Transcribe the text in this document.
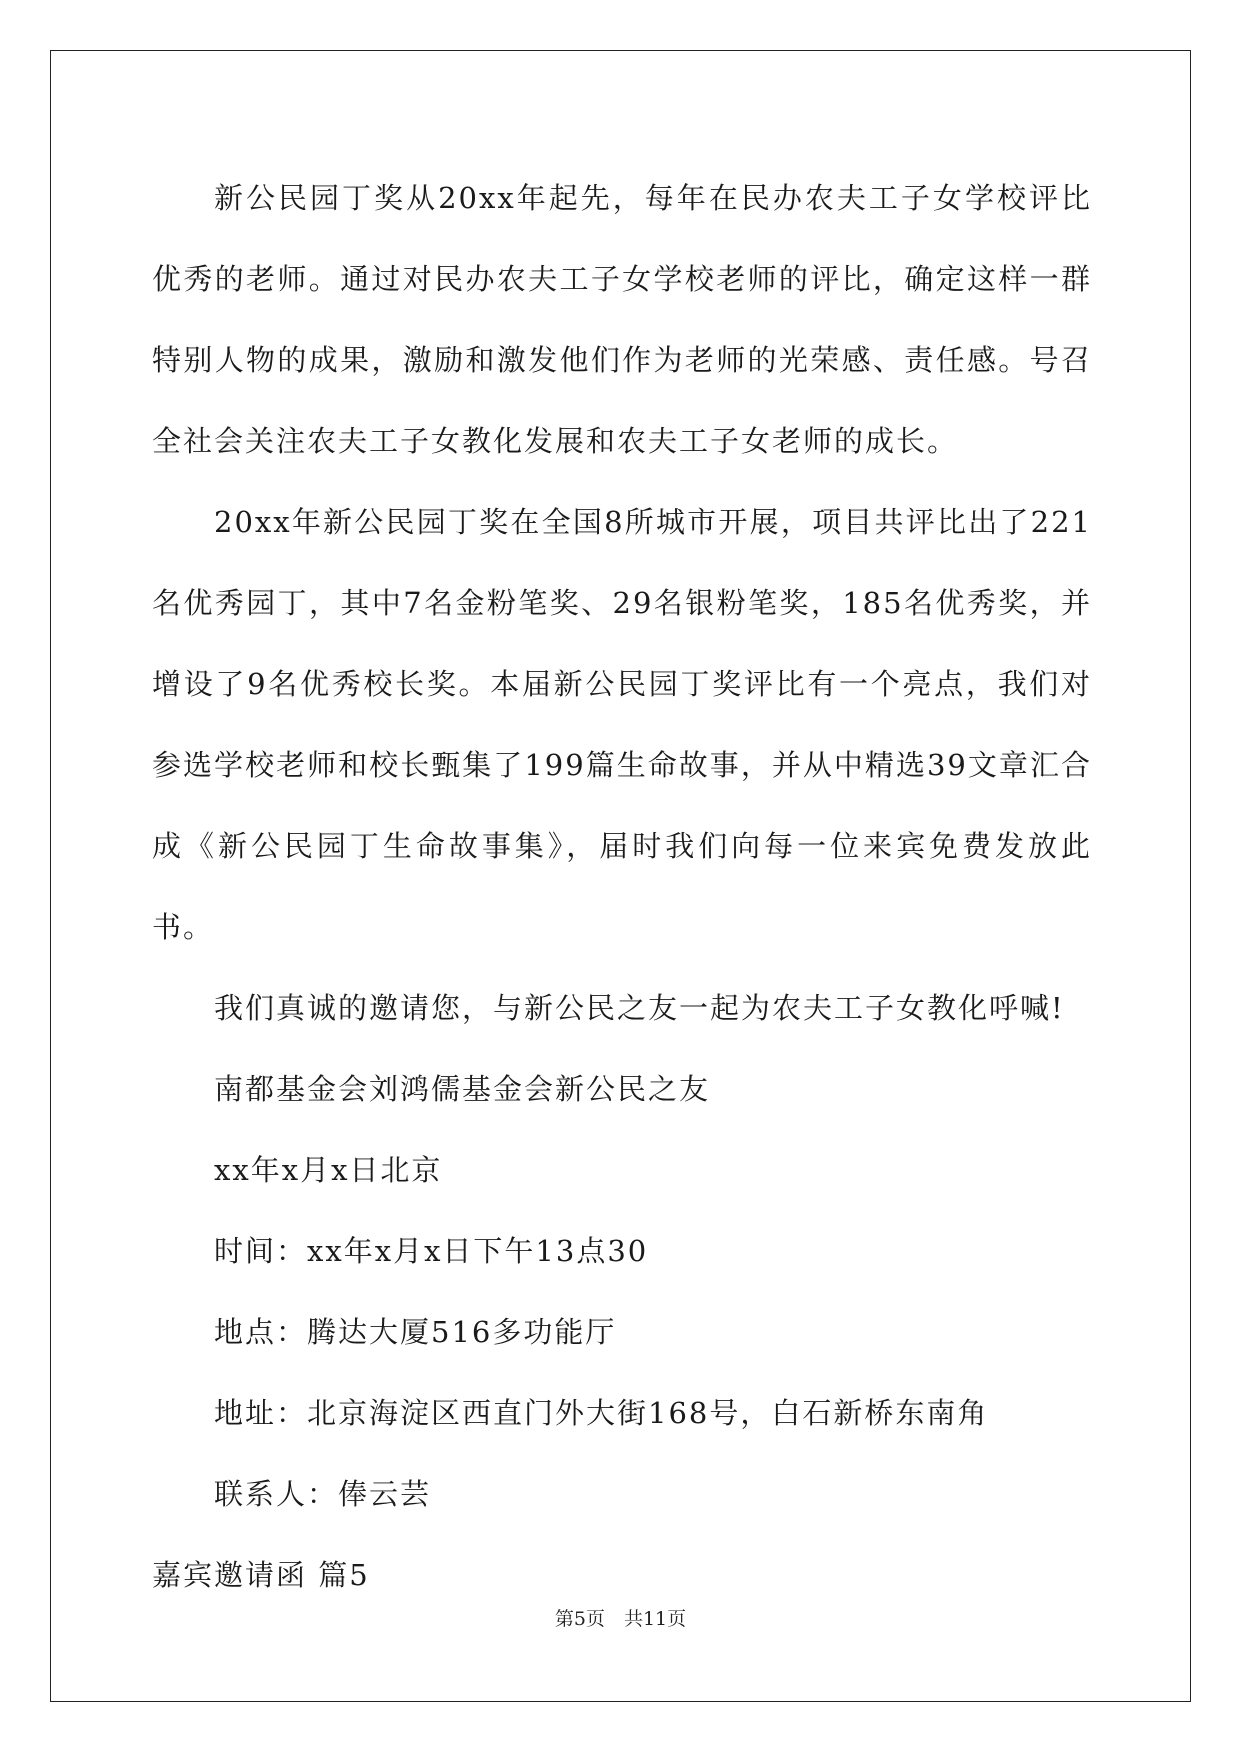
新公民园丁奖从20xx年起先，每年在民办农夫工子女学校评比优秀的老师。通过对民办农夫工子女学校老师的评比，确定这样一群特别人物的成果，激励和激发他们作为老师的光荣感、责任感。号召全社会关注农夫工子女教化发展和农夫工子女老师的成长。

20xx年新公民园丁奖在全国8所城市开展，项目共评比出了221名优秀园丁，其中7名金粉笔奖、29名银粉笔奖，185名优秀奖，并增设了9名优秀校长奖。本届新公民园丁奖评比有一个亮点，我们对参选学校老师和校长甄集了199篇生命故事，并从中精选39文章汇合成《新公民园丁生命故事集》，届时我们向每一位来宾免费发放此书。

我们真诚的邀请您，与新公民之友一起为农夫工子女教化呼喊!

南都基金会刘鸿儒基金会新公民之友

xx年x月x日北京

时间：xx年x月x日下午13点30

地点：腾达大厦516多功能厅

地址：北京海淀区西直门外大街168号，白石新桥东南角

联系人：俸云芸

嘉宾邀请函 篇5

第5页　共11页
